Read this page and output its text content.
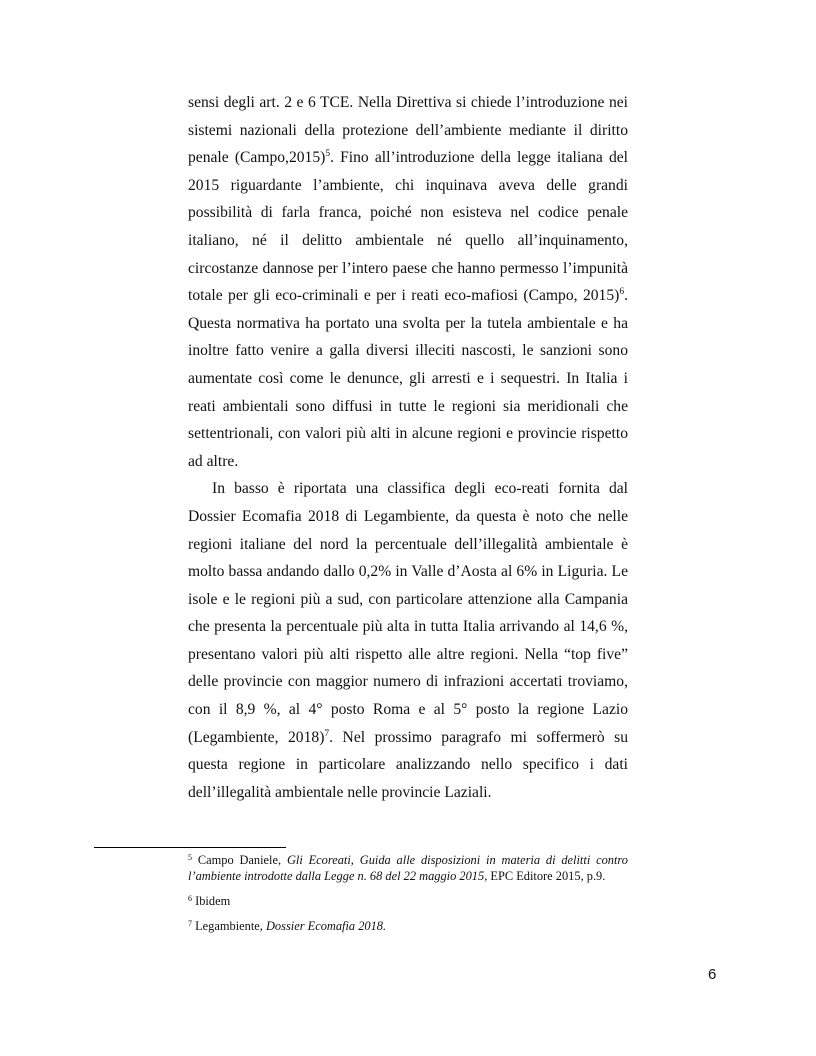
sensi degli art. 2 e 6 TCE. Nella Direttiva si chiede l’introduzione nei sistemi nazionali della protezione dell’ambiente mediante il diritto penale (Campo,2015)$^5$. Fino all’introduzione della legge italiana del 2015 riguardante l’ambiente, chi inquinava aveva delle grandi possibilità di farla franca, poiché non esisteva nel codice penale italiano, né il delitto ambientale né quello all’inquinamento, circostanze dannose per l’intero paese che hanno permesso l’impunità totale per gli eco-criminali e per i reati eco-mafiosi (Campo, 2015)$^6$. Questa normativa ha portato una svolta per la tutela ambientale e ha inoltre fatto venire a galla diversi illeciti nascosti, le sanzioni sono aumentate così come le denunce, gli arresti e i sequestri. In Italia i reati ambientali sono diffusi in tutte le regioni sia meridionali che settentrionali, con valori più alti in alcune regioni e provincie rispetto ad altre.

In basso è riportata una classifica degli eco-reati fornita dal Dossier Ecomafia 2018 di Legambiente, da questa è noto che nelle regioni italiane del nord la percentuale dell’illegalità ambientale è molto bassa andando dallo 0,2% in Valle d’Aosta al 6% in Liguria. Le isole e le regioni più a sud, con particolare attenzione alla Campania che presenta la percentuale più alta in tutta Italia arrivando al 14,6 %, presentano valori più alti rispetto alle altre regioni. Nella “top five” delle provincie con maggior numero di infrazioni accertati troviamo, con il 8,9 %, al 4° posto Roma e al 5° posto la regione Lazio (Legambiente, 2018)$^7$. Nel prossimo paragrafo mi soffermerò su questa regione in particolare analizzando nello specifico i dati dell’illegalità ambientale nelle provincie Laziali.

$^5$ Campo Daniele, Gli Ecoreati, Guida alle disposizioni in materia di delitti contro l’ambiente introdotte dalla Legge n. 68 del 22 maggio 2015, EPC Editore 2015, p.9.

$^6$ Ibidem

$^7$ Legambiente, Dossier Ecomafia 2018.

6
